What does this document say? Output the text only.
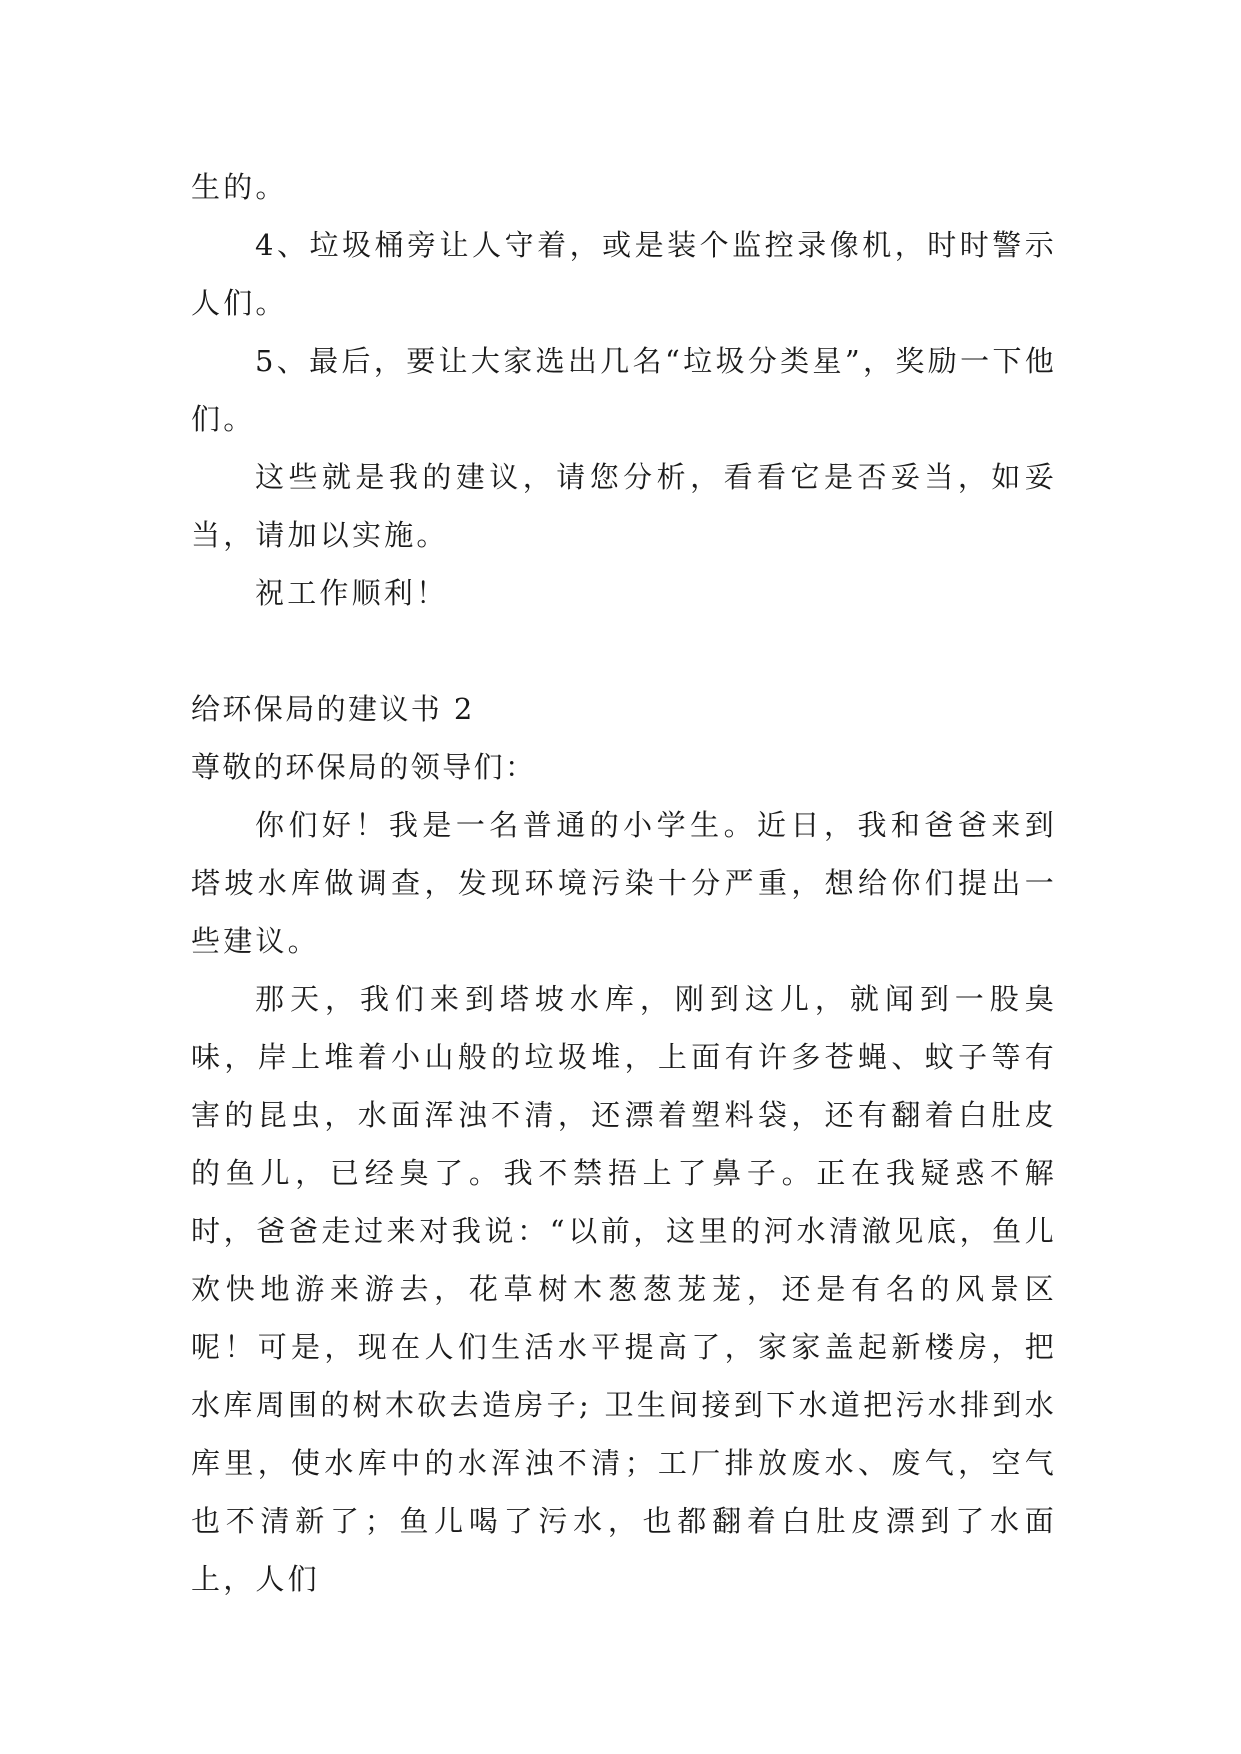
生的。

4、垃圾桶旁让人守着，或是装个监控录像机，时时警示人们。

5、最后，要让大家选出几名“垃圾分类星”，奖励一下他们。

这些就是我的建议，请您分析，看看它是否妥当，如妥当，请加以实施。

祝工作顺利！

给环保局的建议书 2

尊敬的环保局的领导们：

你们好！我是一名普通的小学生。近日，我和爸爸来到塔坡水库做调查，发现环境污染十分严重，想给你们提出一些建议。

那天，我们来到塔坡水库，刚到这儿，就闻到一股臭味，岸上堆着小山般的垃圾堆，上面有许多苍蝇、蚊子等有害的昆虫，水面浑浊不清，还漂着塑料袋，还有翻着白肚皮的鱼儿，已经臭了。我不禁捂上了鼻子。正在我疑惑不解时，爸爸走过来对我说：“以前，这里的河水清澈见底，鱼儿欢快地游来游去，花草树木葱葱茏茏，还是有名的风景区呢！可是，现在人们生活水平提高了，家家盖起新楼房，把水库周围的树木砍去造房子; 卫生间接到下水道把污水排到水库里，使水库中的水浑浊不清；工厂排放废水、废气，空气也不清新了；鱼儿喝了污水，也都翻着白肚皮漂到了水面上，人们
